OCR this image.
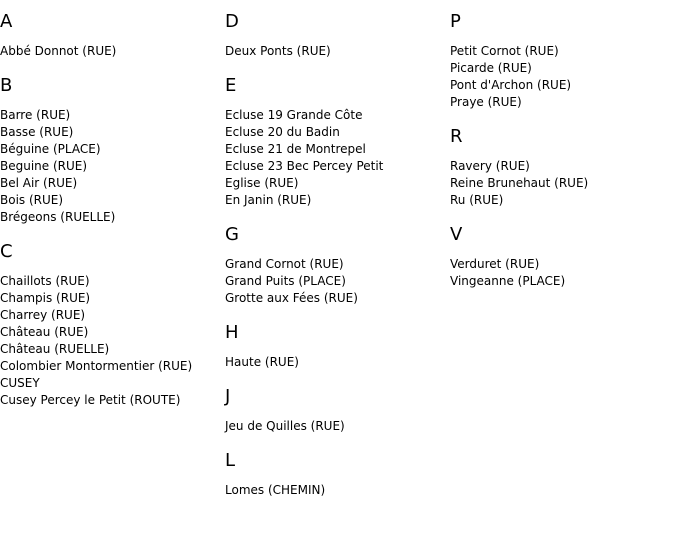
A
Abbé Donnot (RUE)
B
Barre (RUE)
Basse (RUE)
Béguine (PLACE)
Beguine (RUE)
Bel Air (RUE)
Bois (RUE)
Brégeons (RUELLE)
C
Chaillots (RUE)
Champis (RUE)
Charrey (RUE)
Château (RUE)
Château (RUELLE)
Colombier Montormentier (RUE)
CUSEY
Cusey Percey le Petit (ROUTE)
D
Deux Ponts (RUE)
E
Ecluse 19 Grande Côte
Ecluse 20 du Badin
Ecluse 21 de Montrepel
Ecluse 23 Bec Percey Petit
Eglise (RUE)
En Janin (RUE)
G
Grand Cornot (RUE)
Grand Puits (PLACE)
Grotte aux Fées (RUE)
H
Haute (RUE)
J
Jeu de Quilles (RUE)
L
Lomes (CHEMIN)
P
Petit Cornot (RUE)
Picarde (RUE)
Pont d'Archon (RUE)
Praye (RUE)
R
Ravery (RUE)
Reine Brunehaut (RUE)
Ru (RUE)
V
Verduret (RUE)
Vingeanne (PLACE)
